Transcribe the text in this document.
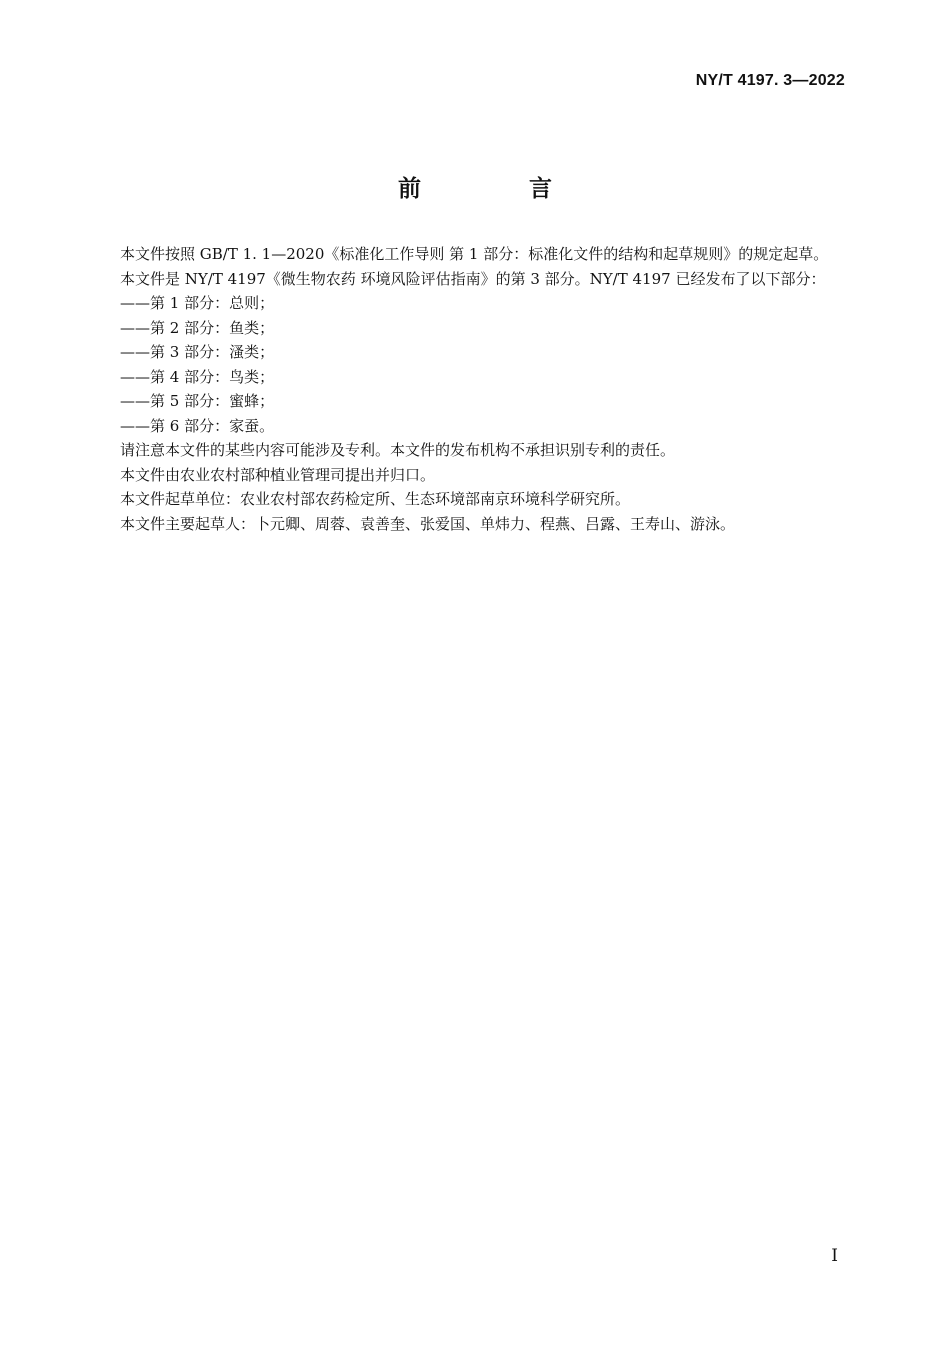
NY/T 4197. 3—2022
前 言

本文件按照 GB/T 1. 1—2020《标准化工作导则 第 1 部分：标准化文件的结构和起草规则》的规定起草。

本文件是 NY/T 4197《微生物农药 环境风险评估指南》的第 3 部分。NY/T 4197 已经发布了以下部分：

——第 1 部分：总则；
——第 2 部分：鱼类；
——第 3 部分：溞类；
——第 4 部分：鸟类；
——第 5 部分：蜜蜂；
——第 6 部分：家蚕。

请注意本文件的某些内容可能涉及专利。本文件的发布机构不承担识别专利的责任。

本文件由农业农村部种植业管理司提出并归口。

本文件起草单位：农业农村部农药检定所、生态环境部南京环境科学研究所。

本文件主要起草人：卜元卿、周蓉、袁善奎、张爱国、单炜力、程燕、吕露、王寿山、游泳。

I
